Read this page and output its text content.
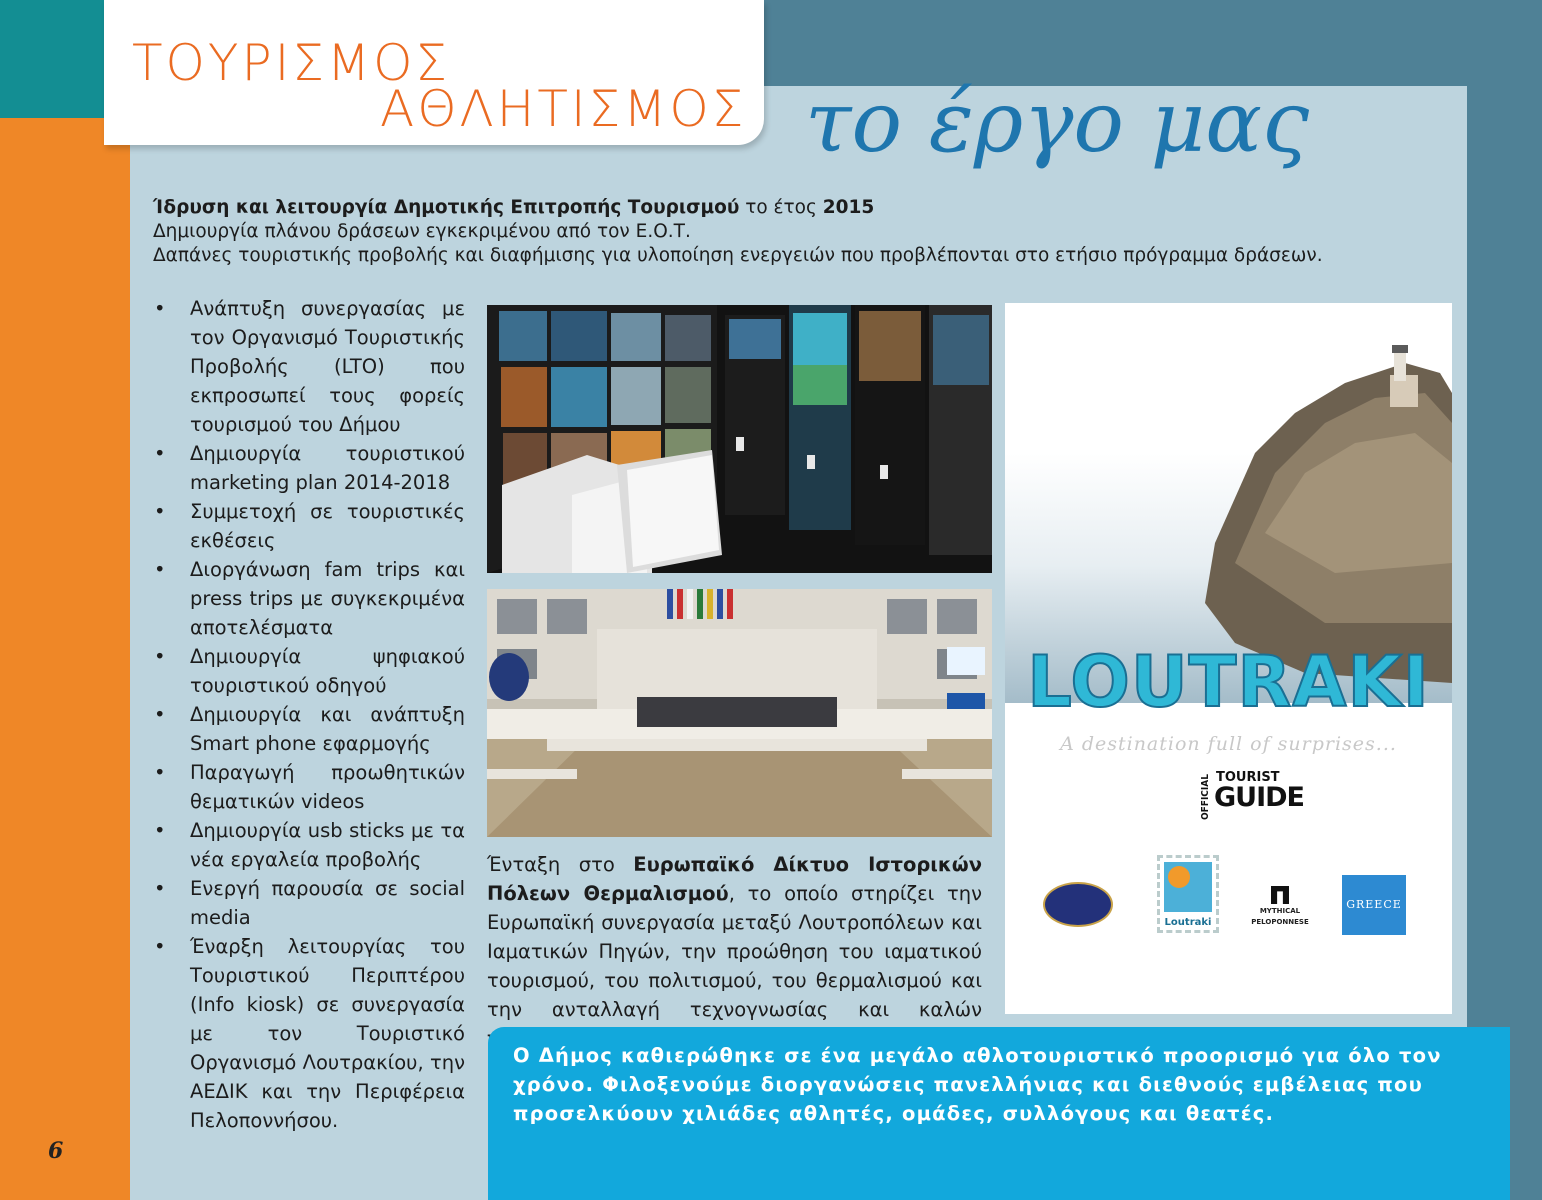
ΤΟΥΡΙΣΜΟΣ
ΑΘΛΗΤΙΣΜΟΣ το έργο μας

Ίδρυση και λειτουργία Δημοτικής Επιτροπής Τουρισμού το έτος 2015

Δημιουργία πλάνου δράσεων εγκεκριμένου από τον Ε.Ο.Τ.

Δαπάνες τουριστικής προβολής και διαφήμισης για υλοποίηση ενεργειών που προβλέπονται στο ετήσιο πρόγραμμα δράσεων.

• Ανάπτυξη συνεργασίας με τον Οργανισμό Τουριστικής Προβολής (LTO) που εκπροσωπεί τους φορείς τουρισμού του Δήμου
• Δημιουργία τουριστικού marketing plan 2014-2018
• Συμμετοχή σε τουριστικές εκθέσεις
• Διοργάνωση fam trips και press trips με συγκεκριμένα αποτελέσματα
• Δημιουργία ψηφιακού τουριστικού οδηγού
• Δημιουργία και ανάπτυξη Smart phone εφαρμογής
• Παραγωγή προωθητικών θεματικών videos
• Δημιουργία usb sticks με τα νέα εργαλεία προβολής
• Ενεργή παρουσία σε social media
• Έναρξη λειτουργίας του Τουριστικού Περιπτέρου (Info kiosk) σε συνεργασία με τον Τουριστικό Οργανισμό Λουτρακίου, την ΑΕΔΙΚ και την Περιφέρεια Πελοποννήσου.
Ένταξη στο Ευρωπαϊκό Δίκτυο Ιστορικών Πόλεων Θερμαλισμού, το οποίο στηρίζει την Ευρωπαϊκή συνεργασία μεταξύ Λουτροπόλεων και Ιαματικών Πηγών, την προώθηση του ιαματικού τουρισμού, του πολιτισμού, του θερμαλισμού και την ανταλλαγή τεχνογνωσίας και καλών
LOUTRAKI
A destination full of surprises...
OFFICIAL TOURIST
GUIDE
Loutraki
MYTHICAL
PELOPONNESE
GREECE

Ο Δήμος καθιερώθηκε σε ένα μεγάλο αθλοτουριστικό προορισμό για όλο τον χρόνο. Φιλοξενούμε διοργανώσεις πανελλήνιας και διεθνούς εμβέλειας που προσελκύουν χιλιάδες αθλητές, ομάδες, συλλόγους και θεατές.

6
